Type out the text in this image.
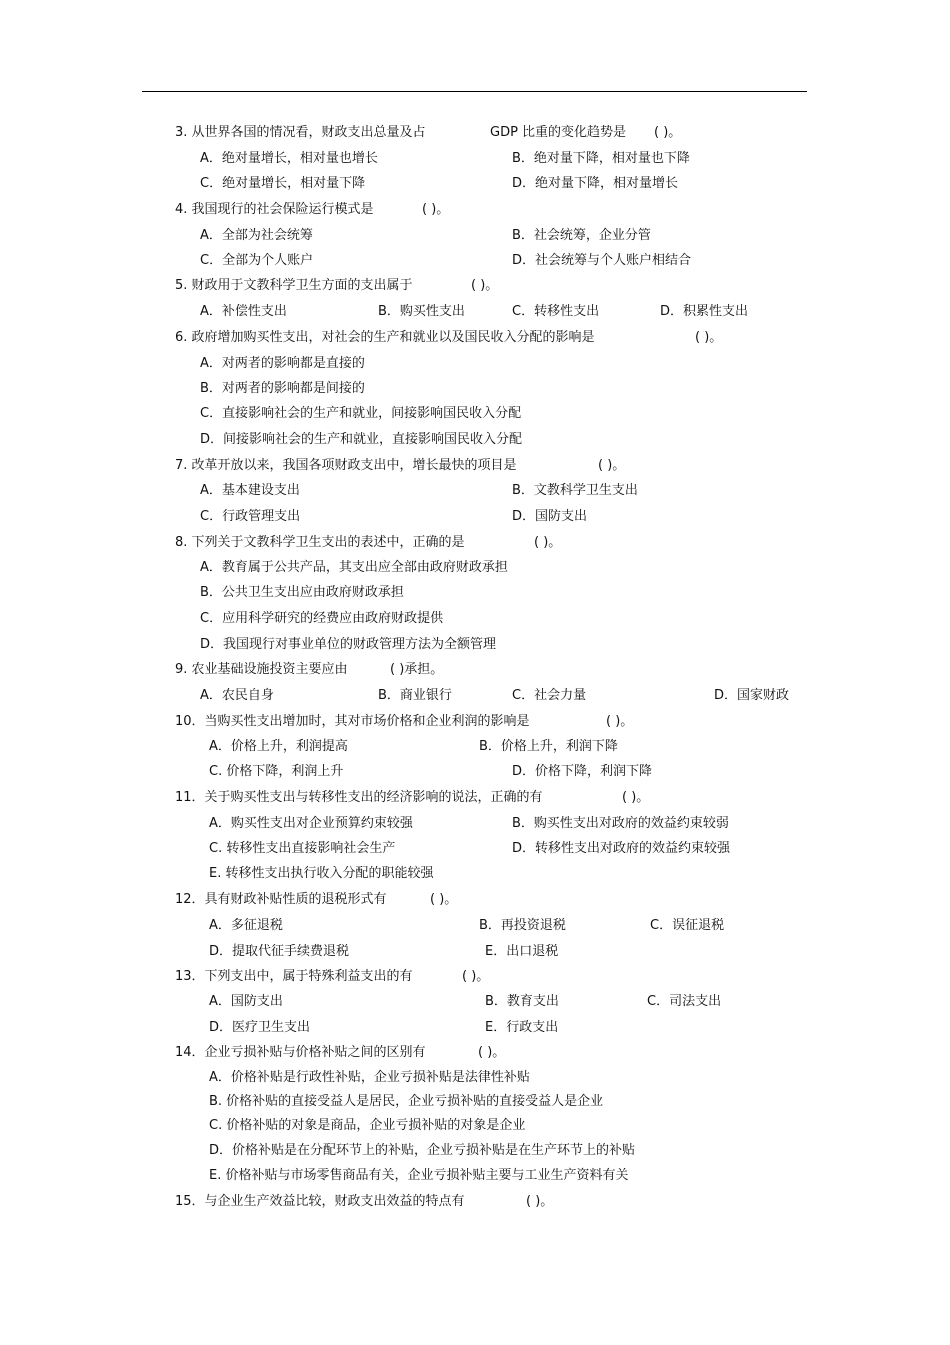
3. 从世界各国的情况看，财政支出总量及占	GDP 比重的变化趋势是 ( )。
A．绝对量增长，相对量也增长	B．绝对量下降，相对量也下降
C．绝对量增长，相对量下降	D．绝对量下降，相对量增长
4. 我国现行的社会保险运行模式是	( )。
A．全部为社会统筹	B．社会统筹，企业分管
C．全部为个人账户	D．社会统筹与个人账户相结合
5. 财政用于文教科学卫生方面的支出属于	( )。
A．补偿性支出	B．购买性支出	C．转移性支出	D．积累性支出
6. 政府增加购买性支出，对社会的生产和就业以及国民收入分配的影响是	( )。
A．对两者的影响都是直接的
B．对两者的影响都是间接的
C．直接影响社会的生产和就业，间接影响国民收入分配
D．间接影响社会的生产和就业，直接影响国民收入分配
7. 改革开放以来，我国各项财政支出中，增长最快的项目是	( )。
A．基本建设支出	B．文教科学卫生支出
C．行政管理支出	D．国防支出
8. 下列关于文教科学卫生支出的表述中，正确的是	( )。
A．教育属于公共产品，其支出应全部由政府财政承担
B．公共卫生支出应由政府财政承担
C．应用科学研究的经费应由政府财政提供
D．我国现行对事业单位的财政管理方法为全额管理
9. 农业基础设施投资主要应由	( )承担。
A．农民自身	B．商业银行	C．社会力量	D．国家财政
10．当购买性支出增加时，其对市场价格和企业利润的影响是	( )。
A．价格上升，利润提高	B．价格上升，利润下降
C. 价格下降，利润上升	D．价格下降，利润下降
11．关于购买性支出与转移性支出的经济影响的说法，正确的有	( )。
A．购买性支出对企业预算约束较强	B．购买性支出对政府的效益约束较弱
C. 转移性支出直接影响社会生产	D．转移性支出对政府的效益约束较强
E. 转移性支出执行收入分配的职能较强
12．具有财政补贴性质的退税形式有	( )。
A．多征退税	B．再投资退税	C．误征退税
D．提取代征手续费退税	E．出口退税
13．下列支出中，属于特殊利益支出的有	( )。
A．国防支出	B．教育支出	C．司法支出
D．医疗卫生支出	E．行政支出
14．企业亏损补贴与价格补贴之间的区别有	( )。
A．价格补贴是行政性补贴，企业亏损补贴是法律性补贴
B. 价格补贴的直接受益人是居民，企业亏损补贴的直接受益人是企业
C. 价格补贴的对象是商品，企业亏损补贴的对象是企业
D．价格补贴是在分配环节上的补贴，企业亏损补贴是在生产环节上的补贴
E. 价格补贴与市场零售商品有关，企业亏损补贴主要与工业生产资料有关
15．与企业生产效益比较，财政支出效益的特点有	( )。
